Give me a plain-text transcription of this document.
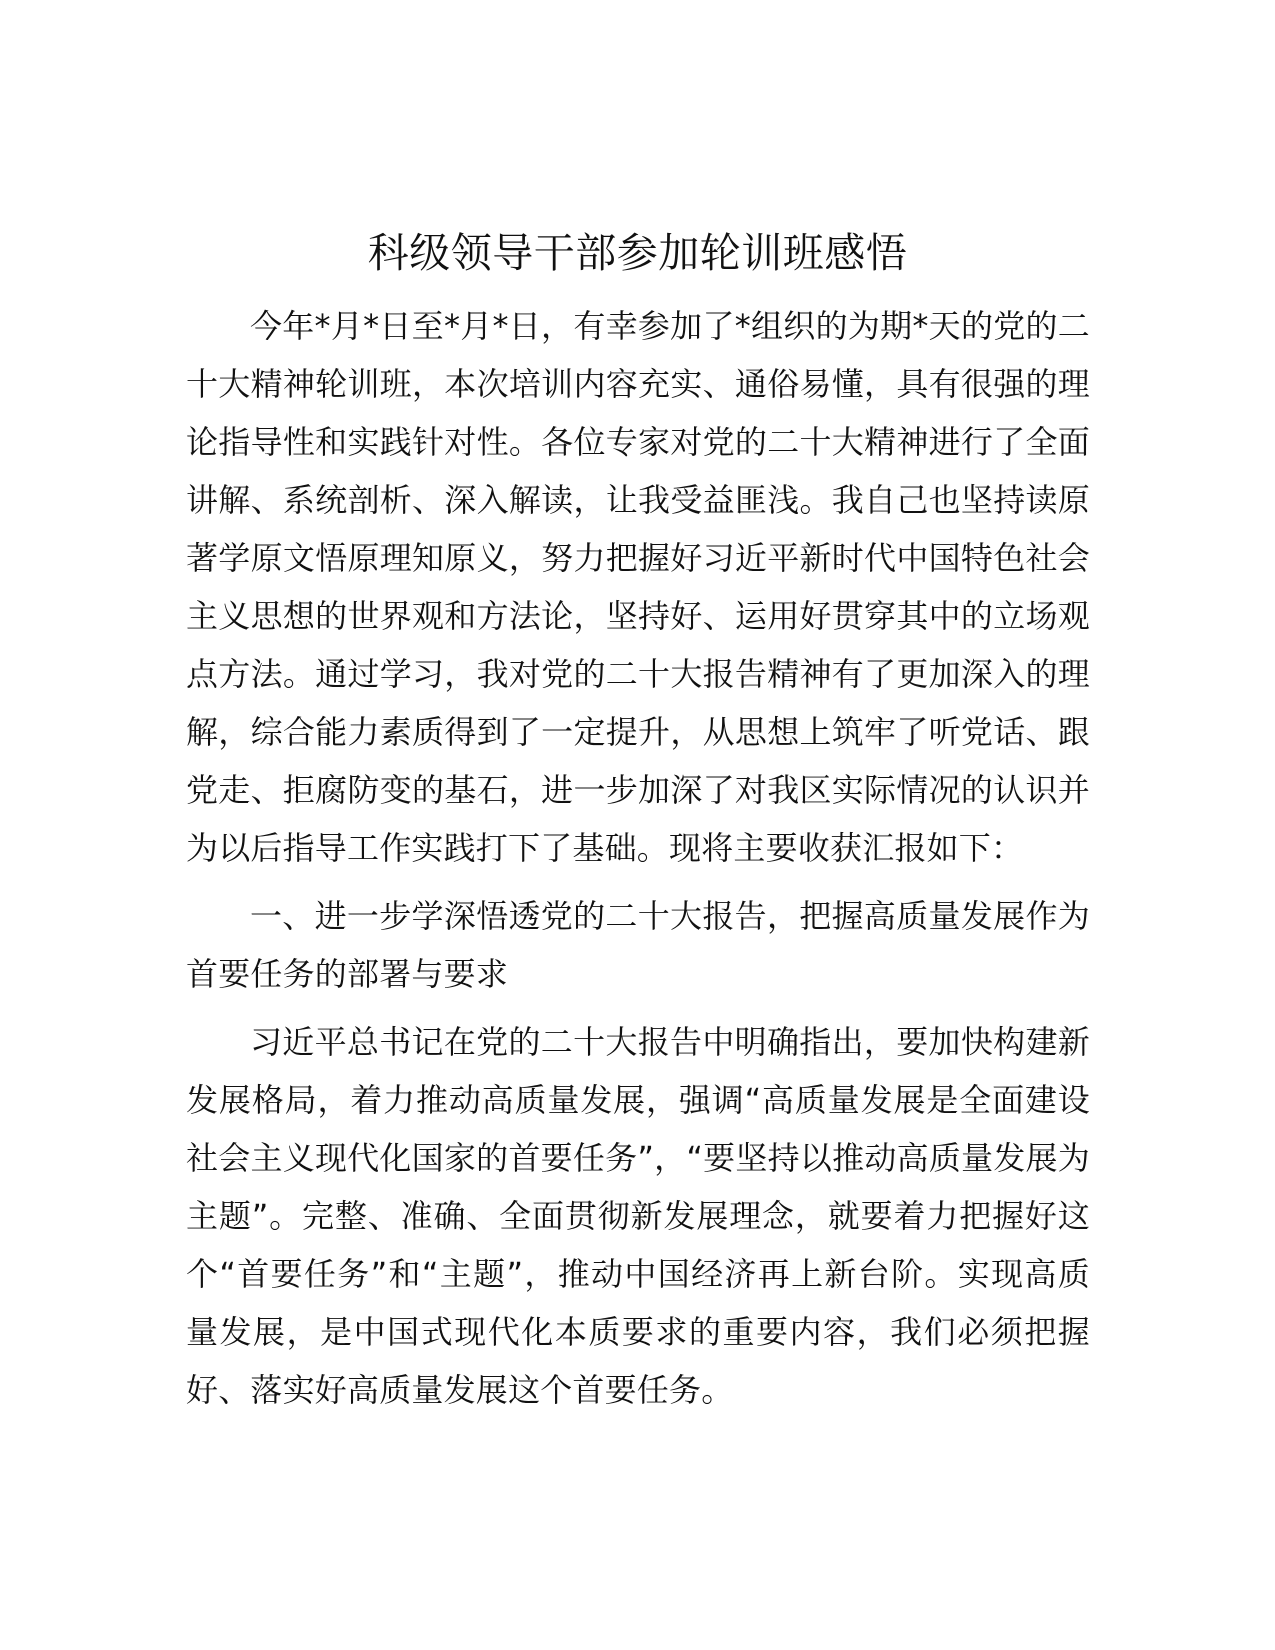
科级领导干部参加轮训班感悟

今年*月*日至*月*日，有幸参加了*组织的为期*天的党的二十大精神轮训班，本次培训内容充实、通俗易懂，具有很强的理论指导性和实践针对性。各位专家对党的二十大精神进行了全面讲解、系统剖析、深入解读，让我受益匪浅。我自己也坚持读原著学原文悟原理知原义，努力把握好习近平新时代中国特色社会主义思想的世界观和方法论，坚持好、运用好贯穿其中的立场观点方法。通过学习，我对党的二十大报告精神有了更加深入的理解，综合能力素质得到了一定提升，从思想上筑牢了听党话、跟党走、拒腐防变的基石，进一步加深了对我区实际情况的认识并为以后指导工作实践打下了基础。现将主要收获汇报如下：

一、进一步学深悟透党的二十大报告，把握高质量发展作为首要任务的部署与要求

习近平总书记在党的二十大报告中明确指出，要加快构建新发展格局，着力推动高质量发展，强调“高质量发展是全面建设社会主义现代化国家的首要任务”，“要坚持以推动高质量发展为主题”。完整、准确、全面贯彻新发展理念，就要着力把握好这个“首要任务”和“主题”，推动中国经济再上新台阶。实现高质量发展，是中国式现代化本质要求的重要内容，我们必须把握好、落实好高质量发展这个首要任务。
